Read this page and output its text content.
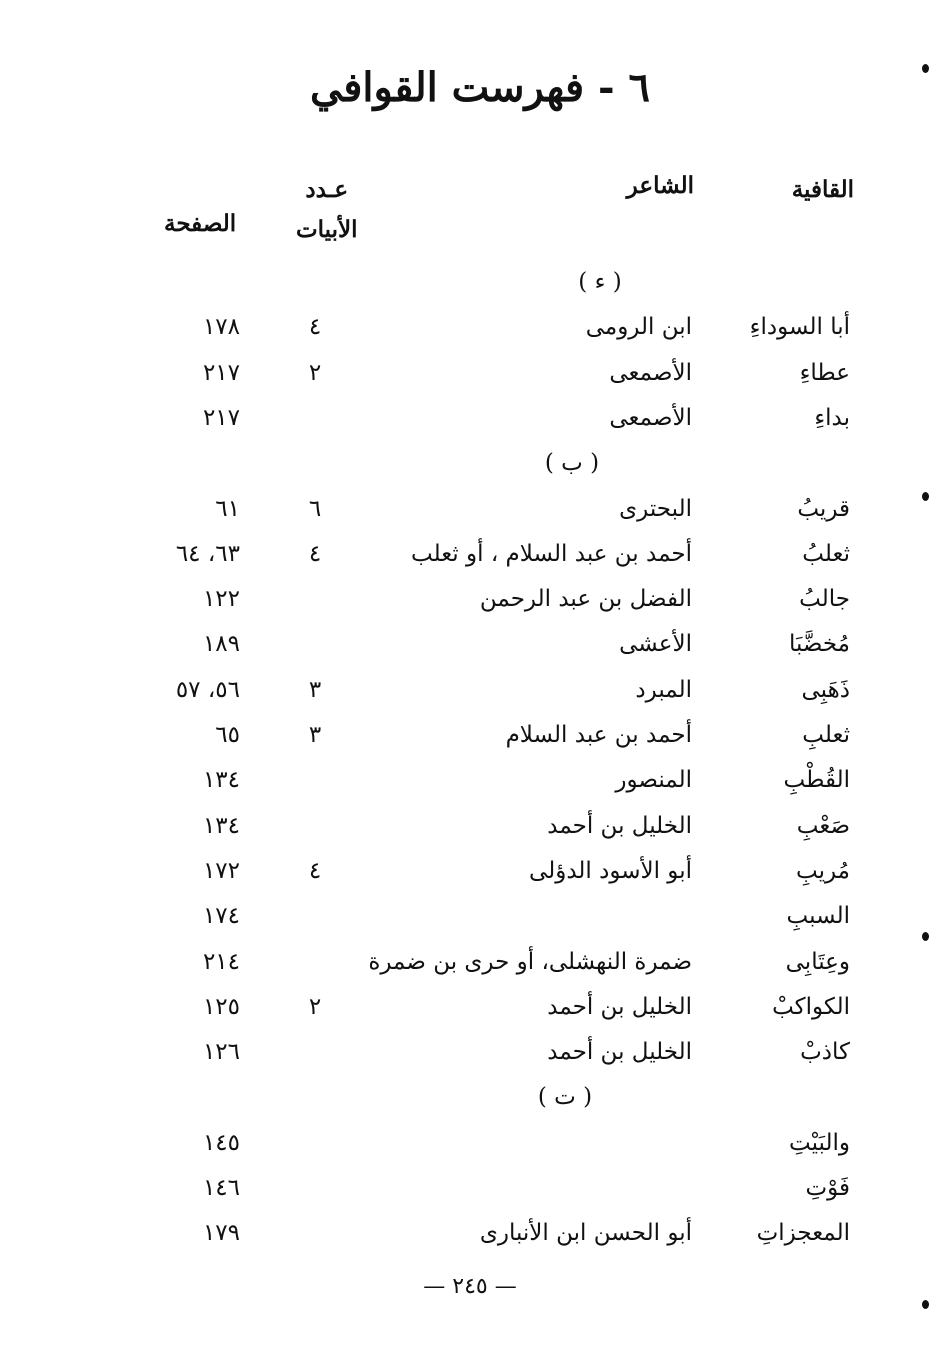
٦ - فهرست القوافي
القافية
الشاعر
عـدد
الأبيات
الصفحة
( ء )
أبا السوداءِ
ابن الرومى
٤
١٧٨
عطاءِ
الأصمعى
٢
٢١٧
بداءِ
الأصمعى
٢١٧
( ب )
قريبُ
البحترى
٦
٦١
ثعلبُ
أحمد بن عبد السلام ، أو ثعلب
٤
٦٣، ٦٤
جالبُ
الفضل بن عبد الرحمن
١٢٢
مُخضَّبَا
الأعشى
١٨٩
ذَهَبِى
المبرد
٣
٥٦، ٥٧
ثعلبِ
أحمد بن عبد السلام
٣
٦٥
القُطْبِ
المنصور
١٣٤
صَعْبِ
الخليل بن أحمد
١٣٤
مُريبِ
أبو الأسود الدؤلى
٤
١٧٢
السببِ
١٧٤
وعِتَابِى
ضمرة النهشلى، أو حرى بن ضمرة
٢١٤
الكواكبْ
الخليل بن أحمد
٢
١٢٥
كاذبْ
الخليل بن أحمد
١٢٦
( ت )
والبَيْتِ
١٤٥
فَوْتِ
١٤٦
المعجزاتِ
أبو الحسن ابن الأنبارى
١٧٩
— ٢٤٥ —
